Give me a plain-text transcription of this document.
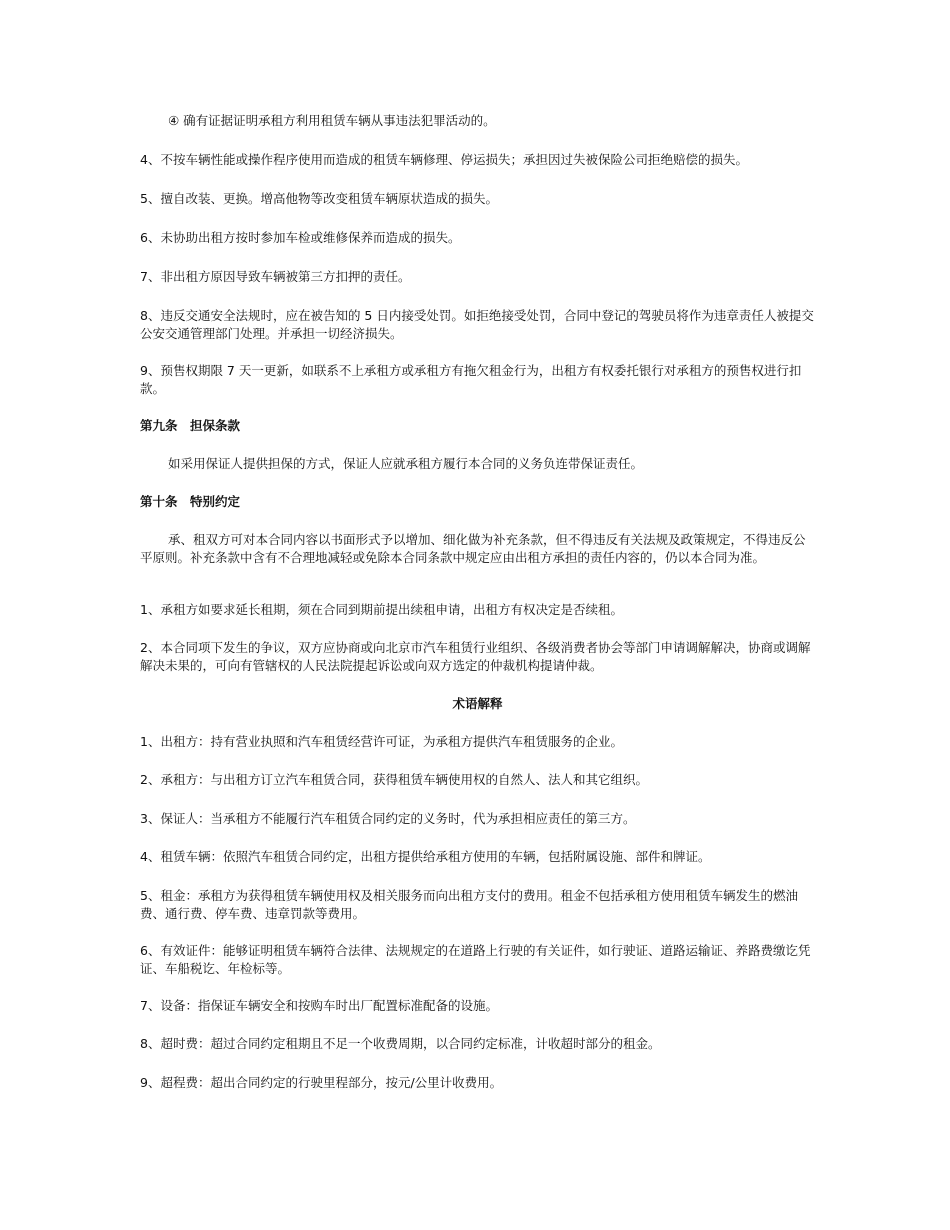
④ 确有证据证明承租方利用租赁车辆从事违法犯罪活动的。

4、不按车辆性能或操作程序使用而造成的租赁车辆修理、停运损失；承担因过失被保险公司拒绝赔偿的损失。

5、擅自改装、更换。增高他物等改变租赁车辆原状造成的损失。

6、未协助出租方按时参加车检或维修保养而造成的损失。

7、非出租方原因导致车辆被第三方扣押的责任。

8、违反交通安全法规时，应在被告知的 5 日内接受处罚。如拒绝接受处罚，合同中登记的驾驶员将作为违章责任人被提交公安交通管理部门处理。并承担一切经济损失。

9、预售权期限 7 天一更新，如联系不上承租方或承租方有拖欠租金行为，出租方有权委托银行对承租方的预售权进行扣款。

第九条　担保条款

如采用保证人提供担保的方式，保证人应就承租方履行本合同的义务负连带保证责任。

第十条　特别约定

承、租双方可对本合同内容以书面形式予以增加、细化做为补充条款，但不得违反有关法规及政策规定，不得违反公平原则。补充条款中含有不合理地减轻或免除本合同条款中规定应由出租方承担的责任内容的，仍以本合同为准。

1、承租方如要求延长租期，须在合同到期前提出续租申请，出租方有权决定是否续租。

2、本合同项下发生的争议，双方应协商或向北京市汽车租赁行业组织、各级消费者协会等部门申请调解解决，协商或调解解决未果的，可向有管辖权的人民法院提起诉讼或向双方选定的仲裁机构提请仲裁。

术语解释

1、出租方：持有营业执照和汽车租赁经营许可证，为承租方提供汽车租赁服务的企业。

2、承租方：与出租方订立汽车租赁合同，获得租赁车辆使用权的自然人、法人和其它组织。

3、保证人：当承租方不能履行汽车租赁合同约定的义务时，代为承担相应责任的第三方。

4、租赁车辆：依照汽车租赁合同约定，出租方提供给承租方使用的车辆，包括附属设施、部件和牌证。

5、租金：承租方为获得租赁车辆使用权及相关服务而向出租方支付的费用。租金不包括承租方使用租赁车辆发生的燃油费、通行费、停车费、违章罚款等费用。

6、有效证件：能够证明租赁车辆符合法律、法规规定的在道路上行驶的有关证件，如行驶证、道路运输证、养路费缴讫凭证、车船税讫、年检标等。

7、设备：指保证车辆安全和按购车时出厂配置标准配备的设施。

8、超时费：超过合同约定租期且不足一个收费周期，以合同约定标准，计收超时部分的租金。

9、超程费：超出合同约定的行驶里程部分，按元/公里计收费用。
